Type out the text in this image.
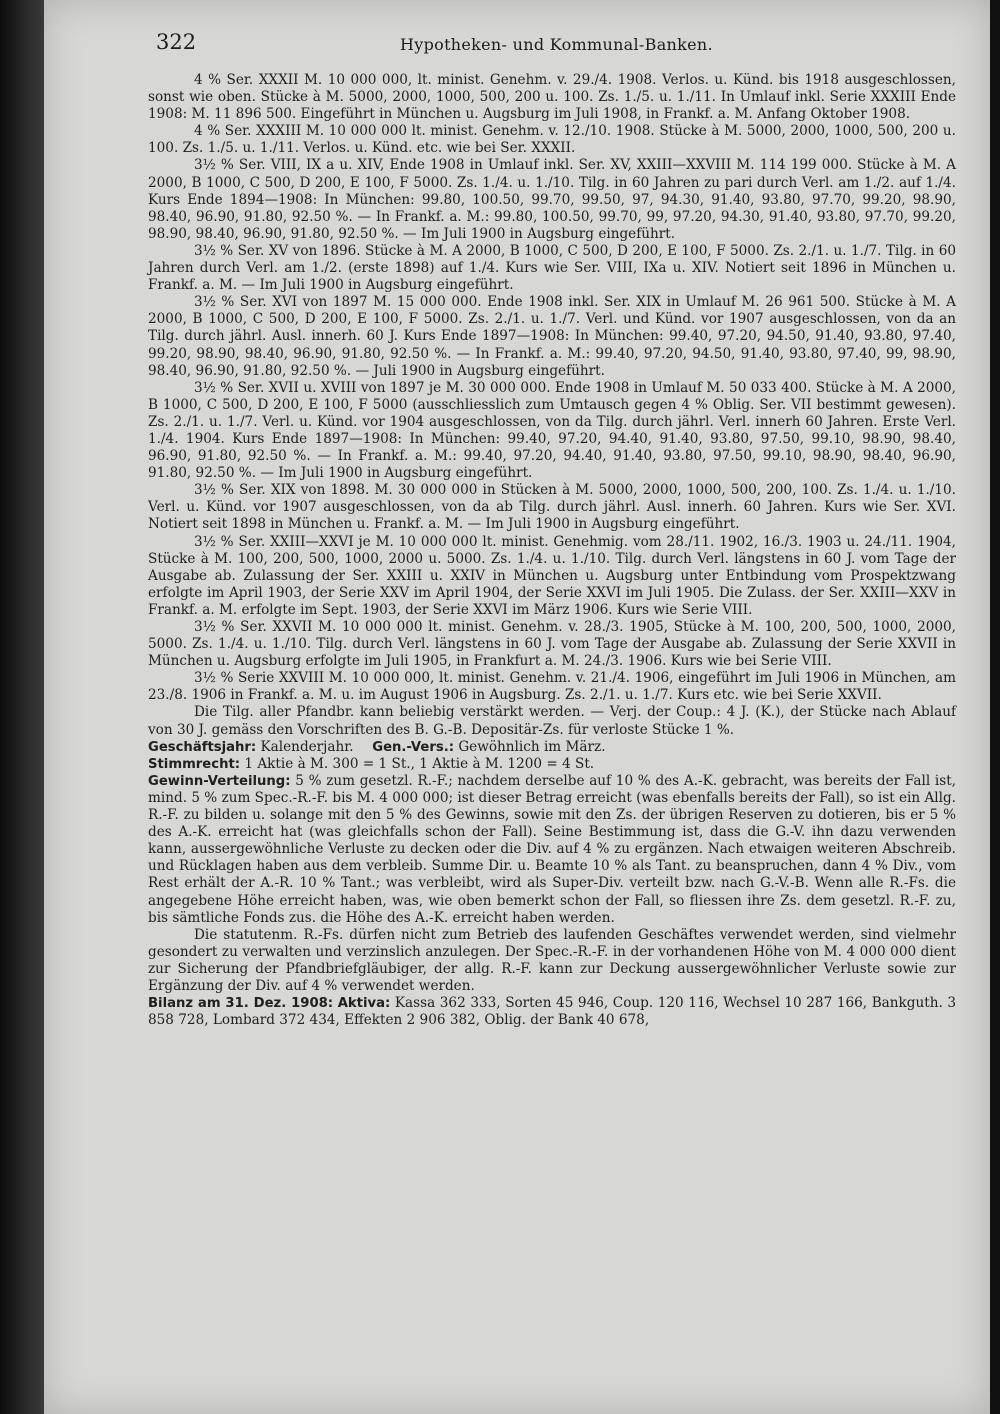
322	Hypotheken- und Kommunal-Banken.

4 % Ser. XXXII M. 10 000 000, lt. minist. Genehm. v. 29./4. 1908. Verlos. u. Künd. bis 1918 ausgeschlossen, sonst wie oben. Stücke à M. 5000, 2000, 1000, 500, 200 u. 100. Zs. 1./5. u. 1./11. In Umlauf inkl. Serie XXXIII Ende 1908: M. 11 896 500. Eingeführt in München u. Augsburg im Juli 1908, in Frankf. a. M. Anfang Oktober 1908.

4 % Ser. XXXIII M. 10 000 000 lt. minist. Genehm. v. 12./10. 1908. Stücke à M. 5000, 2000, 1000, 500, 200 u. 100. Zs. 1./5. u. 1./11. Verlos. u. Künd. etc. wie bei Ser. XXXII.

3½ % Ser. VIII, IX a u. XIV, Ende 1908 in Umlauf inkl. Ser. XV, XXIII—XXVIII M. 114 199 000. Stücke à M. A 2000, B 1000, C 500, D 200, E 100, F 5000. Zs. 1./4. u. 1./10. Tilg. in 60 Jahren zu pari durch Verl. am 1./2. auf 1./4. Kurs Ende 1894—1908: In München: 99.80, 100.50, 99.70, 99.50, 97, 94.30, 91.40, 93.80, 97.70, 99.20, 98.90, 98.40, 96.90, 91.80, 92.50 %. — In Frankf. a. M.: 99.80, 100.50, 99.70, 99, 97.20, 94.30, 91.40, 93.80, 97.70, 99.20, 98.90, 98.40, 96.90, 91.80, 92.50 %. — Im Juli 1900 in Augsburg eingeführt.

3½ % Ser. XV von 1896. Stücke à M. A 2000, B 1000, C 500, D 200, E 100, F 5000. Zs. 2./1. u. 1./7. Tilg. in 60 Jahren durch Verl. am 1./2. (erste 1898) auf 1./4. Kurs wie Ser. VIII, IXa u. XIV. Notiert seit 1896 in München u. Frankf. a. M. — Im Juli 1900 in Augsburg eingeführt.

3½ % Ser. XVI von 1897 M. 15 000 000. Ende 1908 inkl. Ser. XIX in Umlauf M. 26 961 500. Stücke à M. A 2000, B 1000, C 500, D 200, E 100, F 5000. Zs. 2./1. u. 1./7. Verl. und Künd. vor 1907 ausgeschlossen, von da an Tilg. durch jährl. Ausl. innerh. 60 J. Kurs Ende 1897—1908: In München: 99.40, 97.20, 94.50, 91.40, 93.80, 97.40, 99.20, 98.90, 98.40, 96.90, 91.80, 92.50 %. — In Frankf. a. M.: 99.40, 97.20, 94.50, 91.40, 93.80, 97.40, 99, 98.90, 98.40, 96.90, 91.80, 92.50 %. — Juli 1900 in Augsburg eingeführt.

3½ % Ser. XVII u. XVIII von 1897 je M. 30 000 000. Ende 1908 in Umlauf M. 50 033 400. Stücke à M. A 2000, B 1000, C 500, D 200, E 100, F 5000 (ausschliesslich zum Umtausch gegen 4 % Oblig. Ser. VII bestimmt gewesen). Zs. 2./1. u. 1./7. Verl. u. Künd. vor 1904 ausgeschlossen, von da Tilg. durch jährl. Verl. innerh 60 Jahren. Erste Verl. 1./4. 1904. Kurs Ende 1897—1908: In München: 99.40, 97.20, 94.40, 91.40, 93.80, 97.50, 99.10, 98.90, 98.40, 96.90, 91.80, 92.50 %. — In Frankf. a. M.: 99.40, 97.20, 94.40, 91.40, 93.80, 97.50, 99.10, 98.90, 98.40, 96.90, 91.80, 92.50 %. — Im Juli 1900 in Augsburg eingeführt.

3½ % Ser. XIX von 1898. M. 30 000 000 in Stücken à M. 5000, 2000, 1000, 500, 200, 100. Zs. 1./4. u. 1./10. Verl. u. Künd. vor 1907 ausgeschlossen, von da ab Tilg. durch jährl. Ausl. innerh. 60 Jahren. Kurs wie Ser. XVI. Notiert seit 1898 in München u. Frankf. a. M. — Im Juli 1900 in Augsburg eingeführt.

3½ % Ser. XXIII—XXVI je M. 10 000 000 lt. minist. Genehmig. vom 28./11. 1902, 16./3. 1903 u. 24./11. 1904, Stücke à M. 100, 200, 500, 1000, 2000 u. 5000. Zs. 1./4. u. 1./10. Tilg. durch Verl. längstens in 60 J. vom Tage der Ausgabe ab. Zulassung der Ser. XXIII u. XXIV in München u. Augsburg unter Entbindung vom Prospektzwang erfolgte im April 1903, der Serie XXV im April 1904, der Serie XXVI im Juli 1905. Die Zulass. der Ser. XXIII—XXV in Frankf. a. M. erfolgte im Sept. 1903, der Serie XXVI im März 1906. Kurs wie Serie VIII.

3½ % Ser. XXVII M. 10 000 000 lt. minist. Genehm. v. 28./3. 1905, Stücke à M. 100, 200, 500, 1000, 2000, 5000. Zs. 1./4. u. 1./10. Tilg. durch Verl. längstens in 60 J. vom Tage der Ausgabe ab. Zulassung der Serie XXVII in München u. Augsburg erfolgte im Juli 1905, in Frankfurt a. M. 24./3. 1906. Kurs wie bei Serie VIII.

3½ % Serie XXVIII M. 10 000 000, lt. minist. Genehm. v. 21./4. 1906, eingeführt im Juli 1906 in München, am 23./8. 1906 in Frankf. a. M. u. im August 1906 in Augsburg. Zs. 2./1. u. 1./7. Kurs etc. wie bei Serie XXVII.

Die Tilg. aller Pfandbr. kann beliebig verstärkt werden. — Verj. der Coup.: 4 J. (K.), der Stücke nach Ablauf von 30 J. gemäss den Vorschriften des B. G.-B. Depositär-Zs. für verloste Stücke 1 %.

Geschäftsjahr: Kalenderjahr. Gen.-Vers.: Gewöhnlich im März.

Stimmrecht: 1 Aktie à M. 300 = 1 St., 1 Aktie à M. 1200 = 4 St.

Gewinn-Verteilung: 5 % zum gesetzl. R.-F.; nachdem derselbe auf 10 % des A.-K. gebracht, was bereits der Fall ist, mind. 5 % zum Spec.-R.-F. bis M. 4 000 000; ist dieser Betrag erreicht (was ebenfalls bereits der Fall), so ist ein Allg. R.-F. zu bilden u. solange mit den 5 % des Gewinns, sowie mit den Zs. der übrigen Reserven zu dotieren, bis er 5 % des A.-K. erreicht hat (was gleichfalls schon der Fall). Seine Bestimmung ist, dass die G.-V. ihn dazu verwenden kann, aussergewöhnliche Verluste zu decken oder die Div. auf 4 % zu ergänzen. Nach etwaigen weiteren Abschreib. und Rücklagen haben aus dem verbleib. Summe Dir. u. Beamte 10 % als Tant. zu beanspruchen, dann 4 % Div., vom Rest erhält der A.-R. 10 % Tant.; was verbleibt, wird als Super-Div. verteilt bzw. nach G.-V.-B. Wenn alle R.-Fs. die angegebene Höhe erreicht haben, was, wie oben bemerkt schon der Fall, so fliessen ihre Zs. dem gesetzl. R.-F. zu, bis sämtliche Fonds zus. die Höhe des A.-K. erreicht haben werden.

Die statutenm. R.-Fs. dürfen nicht zum Betrieb des laufenden Geschäftes verwendet werden, sind vielmehr gesondert zu verwalten und verzinslich anzulegen. Der Spec.-R.-F. in der vorhandenen Höhe von M. 4 000 000 dient zur Sicherung der Pfandbriefgläubiger, der allg. R.-F. kann zur Deckung aussergewöhnlicher Verluste sowie zur Ergänzung der Div. auf 4 % verwendet werden.

Bilanz am 31. Dez. 1908: Aktiva: Kassa 362 333, Sorten 45 946, Coup. 120 116, Wechsel 10 287 166, Bankguth. 3 858 728, Lombard 372 434, Effekten 2 906 382, Oblig. der Bank 40 678,
